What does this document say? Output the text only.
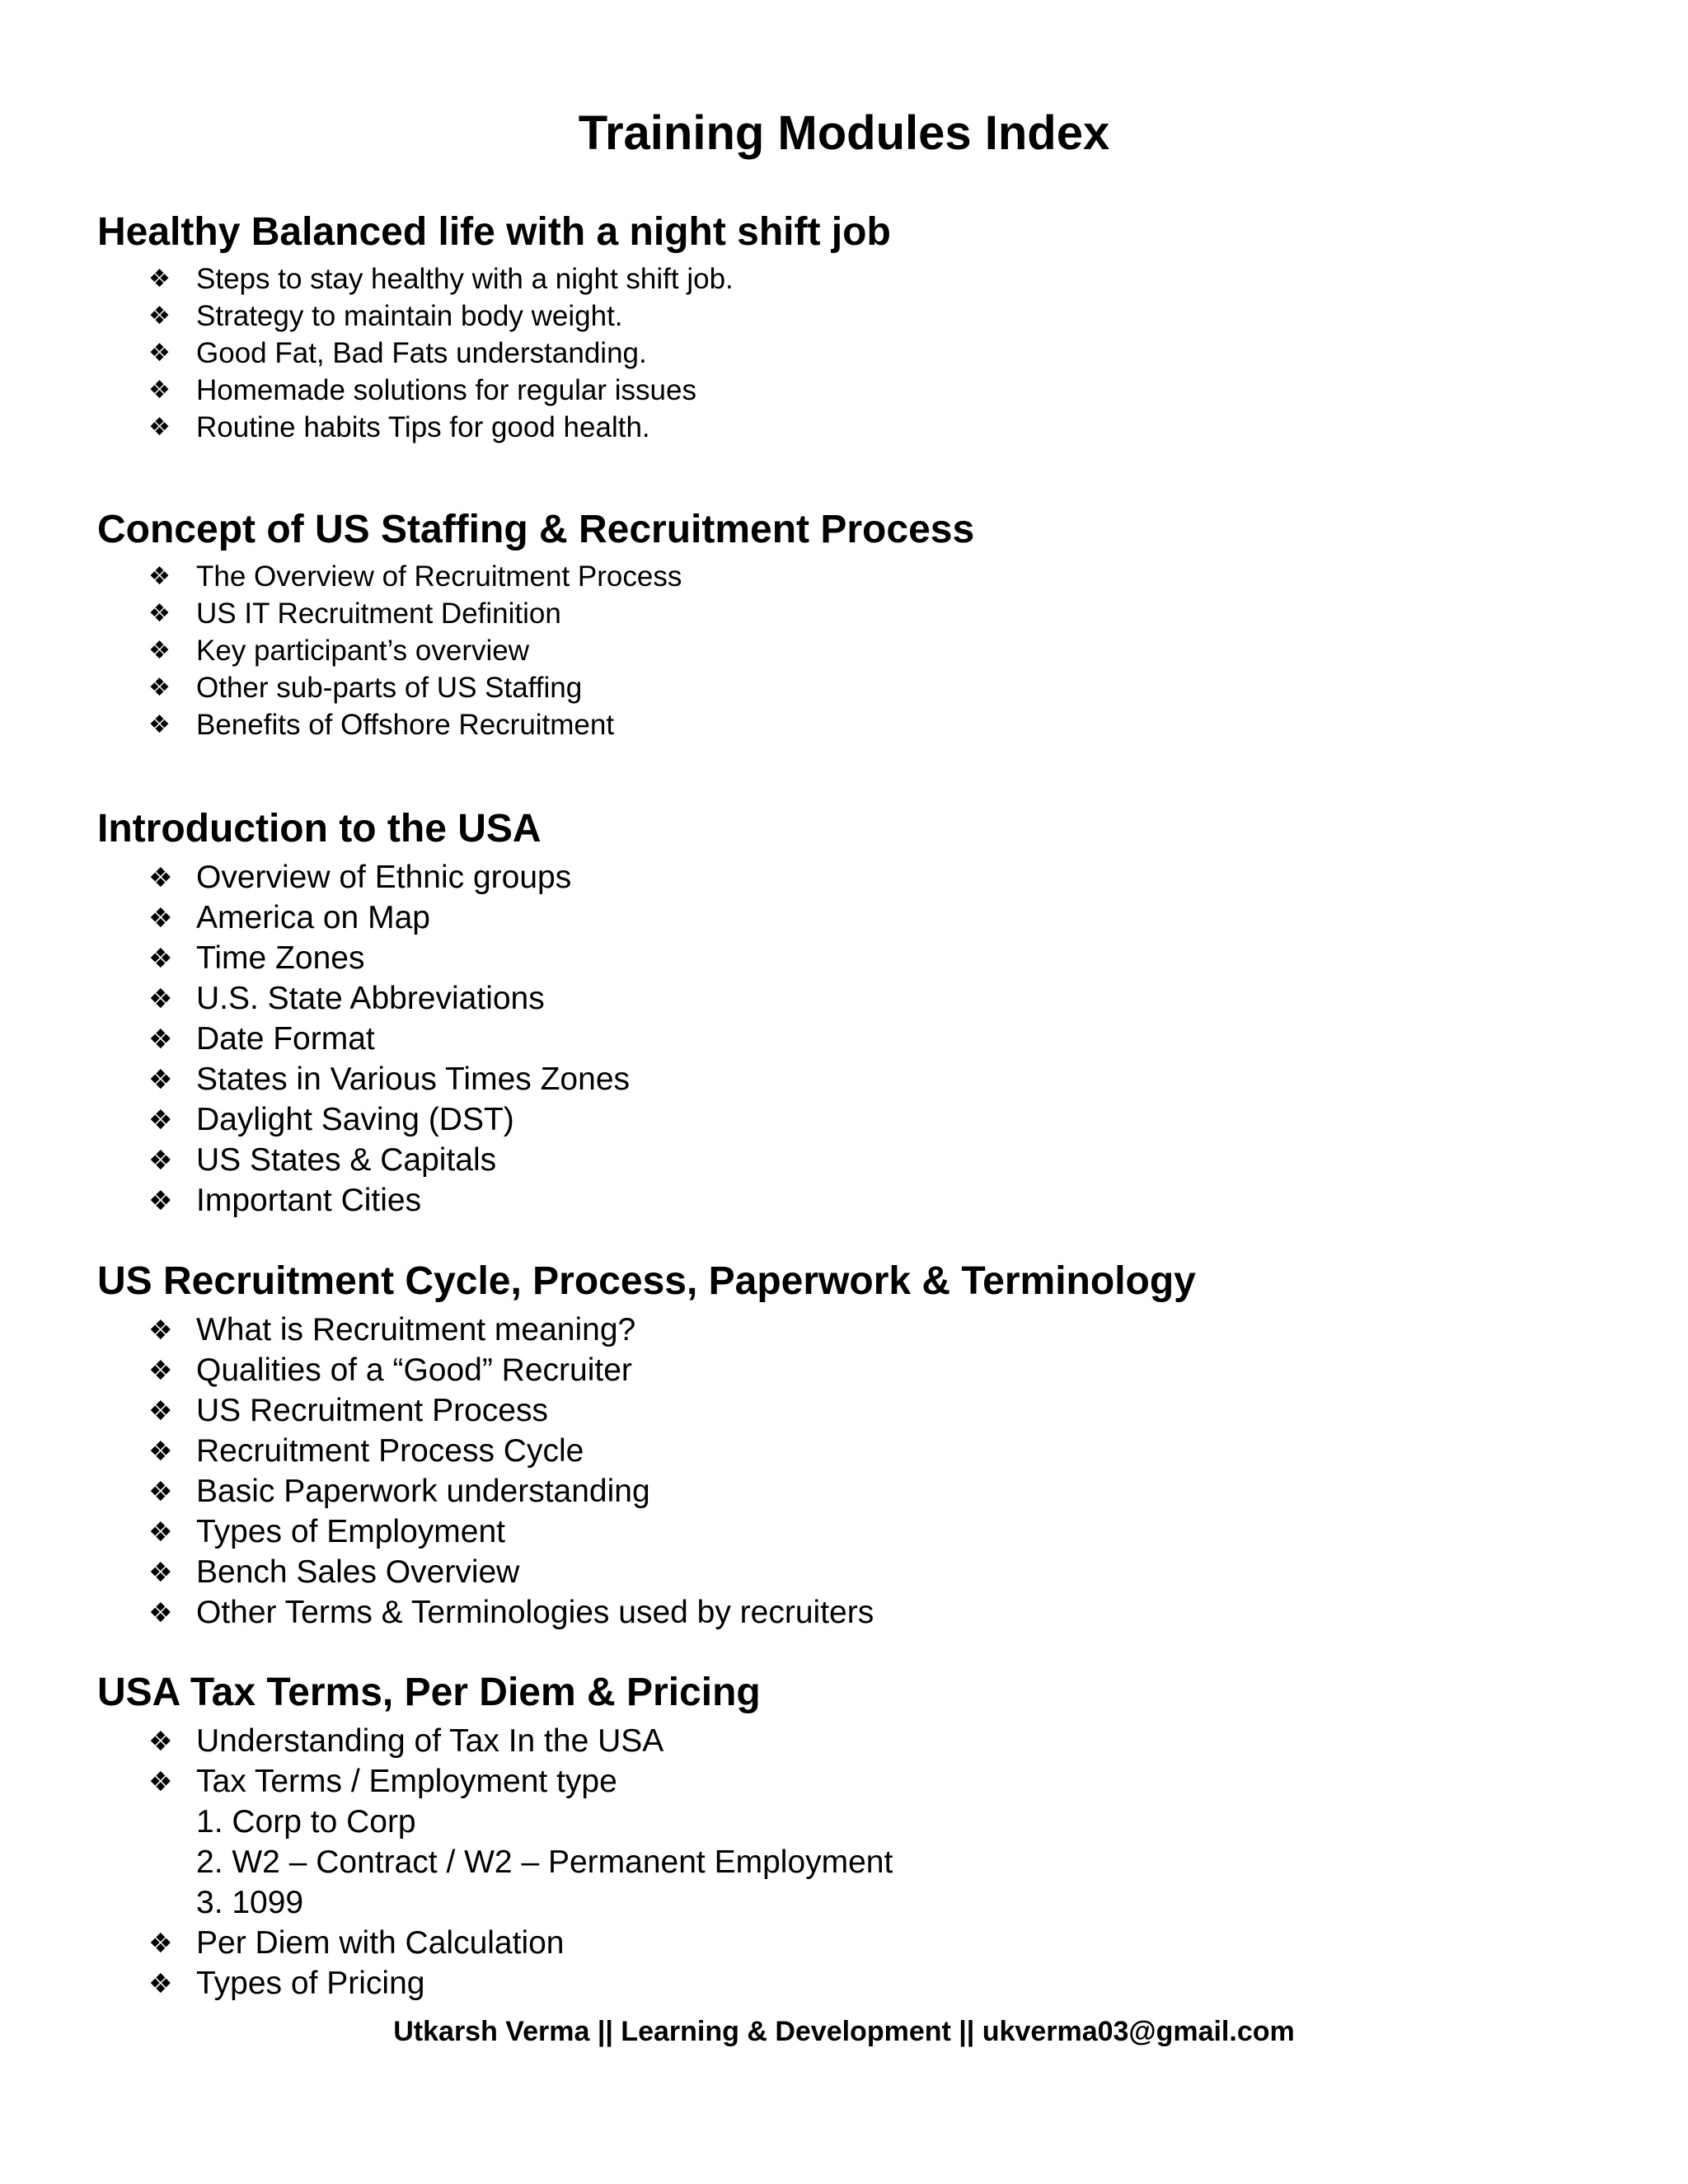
Training Modules Index
Healthy Balanced life with a night shift job
❖ Steps to stay healthy with a night shift job.
❖ Strategy to maintain body weight.
❖ Good Fat, Bad Fats understanding.
❖ Homemade solutions for regular issues
❖ Routine habits Tips for good health.
Concept of US Staffing & Recruitment Process
❖ The Overview of Recruitment Process
❖ US IT Recruitment Definition
❖ Key participant’s overview
❖ Other sub-parts of US Staffing
❖ Benefits of Offshore Recruitment
Introduction to the USA
❖ Overview of Ethnic groups
❖ America on Map
❖ Time Zones
❖ U.S. State Abbreviations
❖ Date Format
❖ States in Various Times Zones
❖ Daylight Saving (DST)
❖ US States & Capitals
❖ Important Cities
US Recruitment Cycle, Process, Paperwork & Terminology
❖ What is Recruitment meaning?
❖ Qualities of a “Good” Recruiter
❖ US Recruitment Process
❖ Recruitment Process Cycle
❖ Basic Paperwork understanding
❖ Types of Employment
❖ Bench Sales Overview
❖ Other Terms & Terminologies used by recruiters
USA Tax Terms, Per Diem & Pricing
❖ Understanding of Tax In the USA
❖ Tax Terms / Employment type
1. Corp to Corp
2. W2 – Contract / W2 – Permanent Employment
3. 1099
❖ Per Diem with Calculation
❖ Types of Pricing
Utkarsh Verma || Learning & Development || ukverma03@gmail.com
